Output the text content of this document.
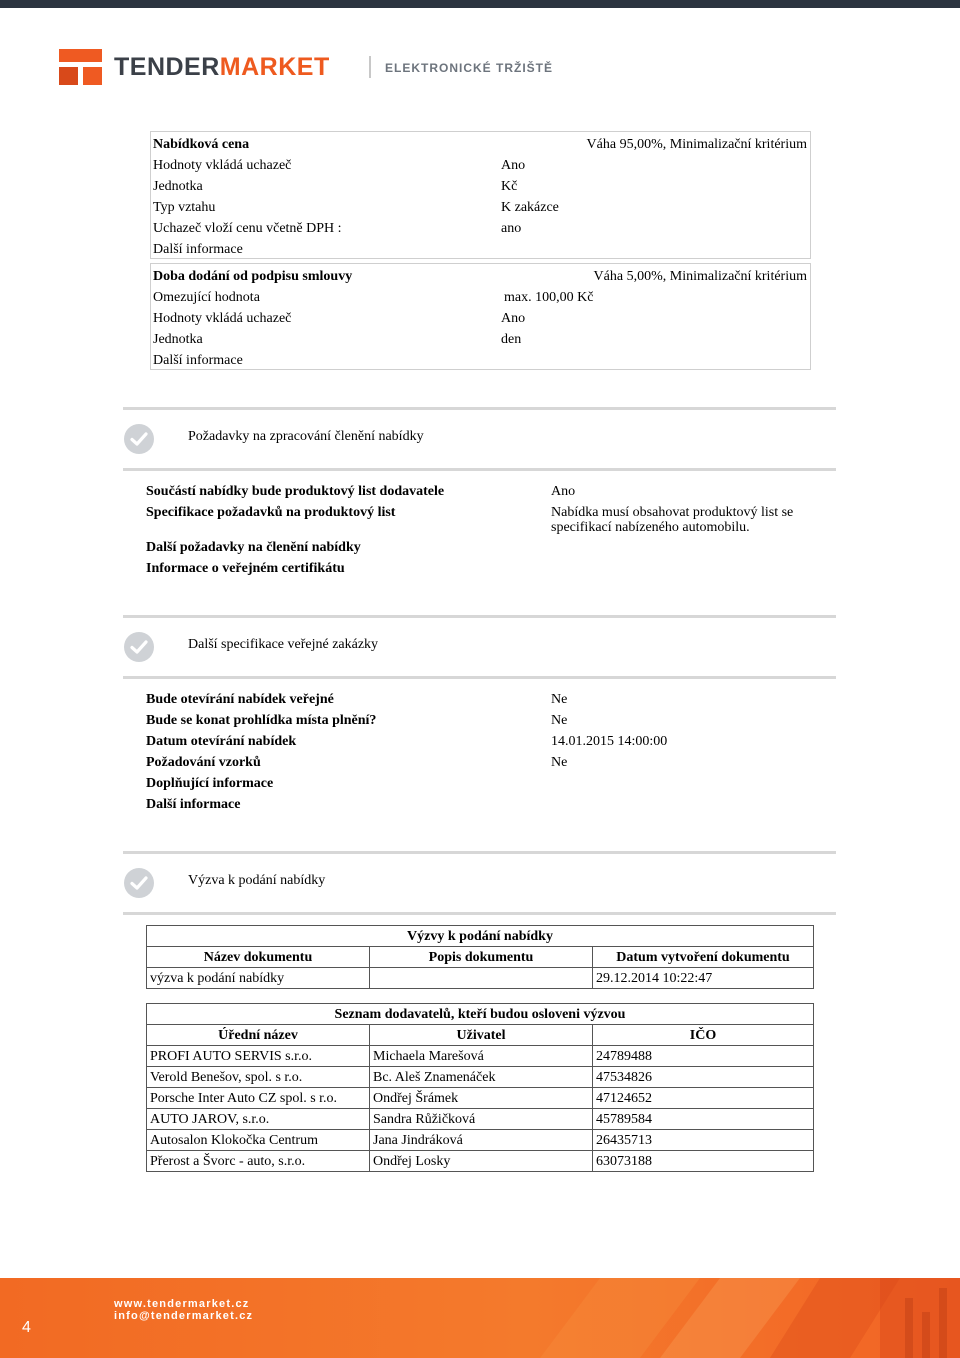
TENDERMARKET	ELEKTRONICKÉ TRŽIŠTĚ
Nabídková cena	Váha 95,00%, Minimalizační kritérium
Hodnoty vkládá uchazeč	Ano
Jednotka	Kč
Typ vztahu	K zakázce
Uchazeč vloží cenu včetně DPH :	ano
Další informace
Doba dodání od podpisu smlouvy	Váha 5,00%, Minimalizační kritérium
Omezující hodnota	max. 100,00 Kč
Hodnoty vkládá uchazeč	Ano
Jednotka	den
Další informace
Požadavky na zpracování členění nabídky
Součástí nabídky bude produktový list dodavatele	Ano
Specifikace požadavků na produktový list	Nabídka musí obsahovat produktový list se
specifikací nabízeného automobilu.
Další požadavky na členění nabídky
Informace o veřejném certifikátu
Další specifikace veřejné zakázky
Bude otevírání nabídek veřejné	Ne
Bude se konat prohlídka místa plnění?	Ne
Datum otevírání nabídek	14.01.2015 14:00:00
Požadování vzorků	Ne
Doplňující informace
Další informace
Výzva k podání nabídky
Výzvy k podání nabídky		
Název dokumentu	Popis dokumentu	Datum vytvoření dokumentu
výzva k podání nabídky		29.12.2014 10:22:47
Seznam dodavatelů, kteří budou osloveni výzvou		
Úřední název	Uživatel	IČO
PROFI AUTO SERVIS s.r.o.	Michaela Marešová	24789488
Verold Benešov, spol. s r.o.	Bc. Aleš Znamenáček	47534826
Porsche Inter Auto CZ spol. s r.o.	Ondřej Šrámek	47124652
AUTO JAROV, s.r.o.	Sandra Růžičková	45789584
Autosalon Klokočka Centrum	Jana Jindráková	26435713
Přerost a Švorc - auto, s.r.o.	Ondřej Losky	63073188
4
www.tendermarket.cz
info@tendermarket.cz
